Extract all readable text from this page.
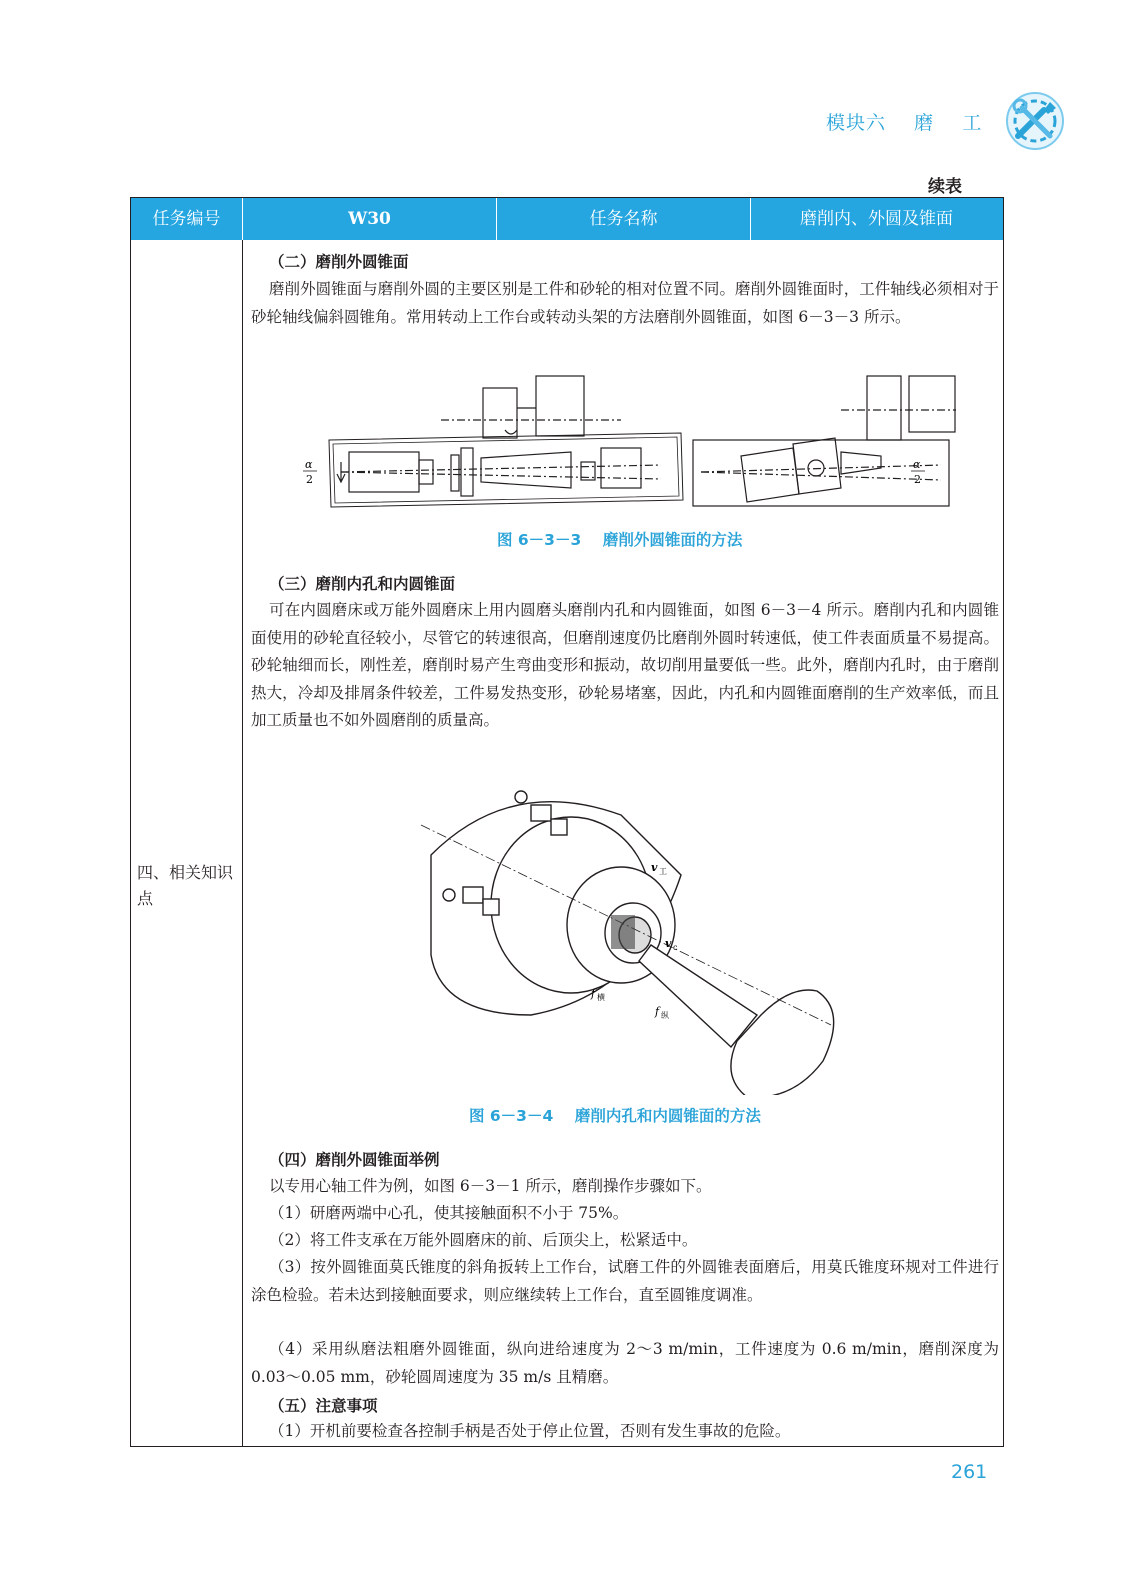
模块六    磨    工
续表
任务编号	W30	任务名称	磨削内、外圆及锥面
四、相关知识点
（二）磨削外圆锥面
磨削外圆锥面与磨削外圆的主要区别是工件和砂轮的相对位置不同。磨削外圆锥面时，工件轴线必须相对于砂轮轴线偏斜圆锥角。常用转动上工作台或转动头架的方法磨削外圆锥面，如图 6－3－3 所示。
α
2
α
2
图 6－3－3    磨削外圆锥面的方法
（三）磨削内孔和内圆锥面
可在内圆磨床或万能外圆磨床上用内圆磨头磨削内孔和内圆锥面，如图 6－3－4 所示。磨削内孔和内圆锥面使用的砂轮直径较小，尽管它的转速很高，但磨削速度仍比磨削外圆时转速低，使工件表面质量不易提高。砂轮轴细而长，刚性差，磨削时易产生弯曲变形和振动，故切削用量要低一些。此外，磨削内孔时，由于磨削热大，冷却及排屑条件较差，工件易发热变形，砂轮易堵塞，因此，内孔和内圆锥面磨削的生产效率低，而且加工质量也不如外圆磨削的质量高。
v 工
v c
f 横
f 纵
图 6－3－4    磨削内孔和内圆锥面的方法
（四）磨削外圆锥面举例
以专用心轴工件为例，如图 6－3－1 所示，磨削操作步骤如下。
（1）研磨两端中心孔，使其接触面积不小于 75%。
（2）将工件支承在万能外圆磨床的前、后顶尖上，松紧适中。
（3）按外圆锥面莫氏锥度的斜角扳转上工作台，试磨工件的外圆锥表面磨后，用莫氏锥度环规对工件进行涂色检验。若未达到接触面要求，则应继续转上工作台，直至圆锥度调准。
（4）采用纵磨法粗磨外圆锥面，纵向进给速度为 2～3 m/min，工件速度为 0.6 m/min，磨削深度为 0.03～0.05 mm，砂轮圆周速度为 35 m/s 且精磨。
（五）注意事项
（1）开机前要检查各控制手柄是否处于停止位置，否则有发生事故的危险。
261
